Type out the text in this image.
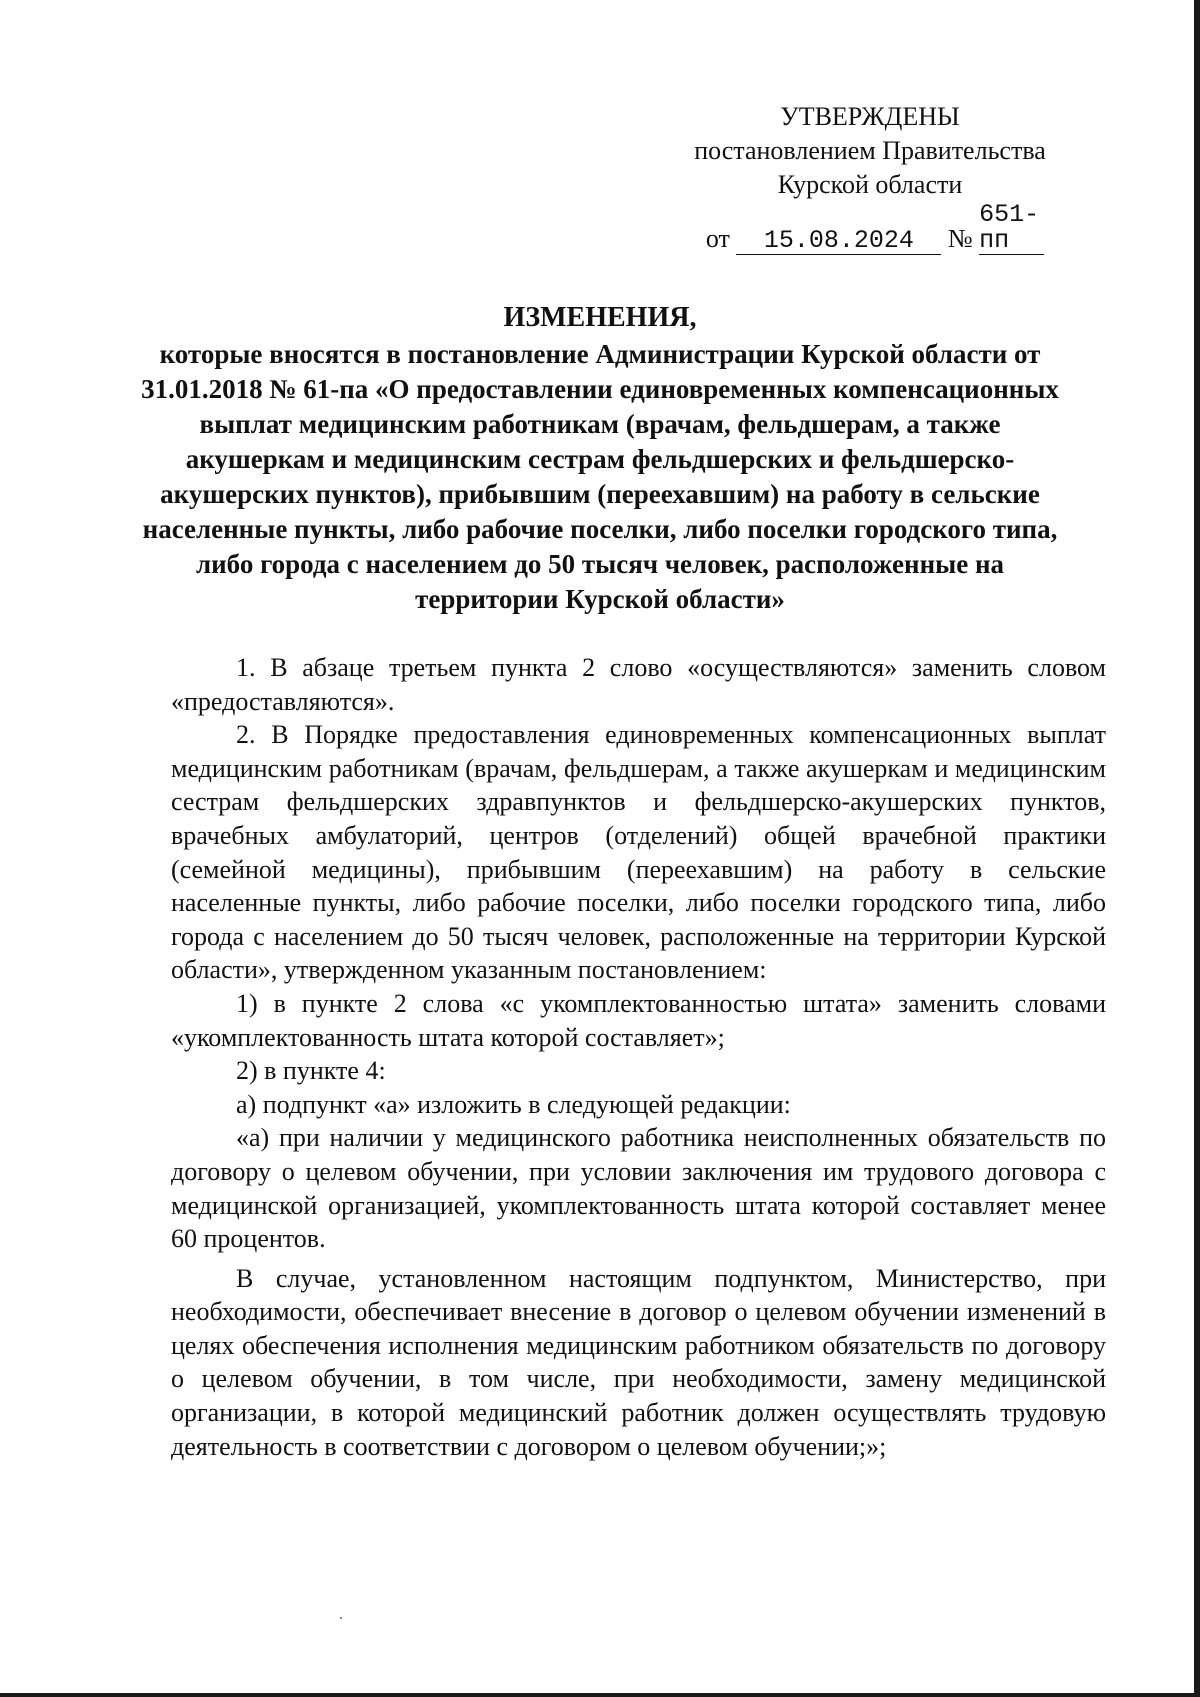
УТВЕРЖДЕНЫ
постановлением Правительства
Курской области
от 15.08.2024 № 651-пп
ИЗМЕНЕНИЯ,
которые вносятся в постановление Администрации Курской области от 31.01.2018 № 61-па «О предоставлении единовременных компенсационных выплат медицинским работникам (врачам, фельдшерам, а также акушеркам и медицинским сестрам фельдшерских и фельдшерско-акушерских пунктов), прибывшим (переехавшим) на работу в сельские населенные пункты, либо рабочие поселки, либо поселки городского типа, либо города с населением до 50 тысяч человек, расположенные на территории Курской области»

1. В абзаце третьем пункта 2 слово «осуществляются» заменить словом «предоставляются».

2. В Порядке предоставления единовременных компенсационных выплат медицинским работникам (врачам, фельдшерам, а также акушеркам и медицинским сестрам фельдшерских здравпунктов и фельдшерско-акушерских пунктов, врачебных амбулаторий, центров (отделений) общей врачебной практики (семейной медицины), прибывшим (переехавшим) на работу в сельские населенные пункты, либо рабочие поселки, либо поселки городского типа, либо города с населением до 50 тысяч человек, расположенные на территории Курской области», утвержденном указанным постановлением:

1) в пункте 2 слова «с укомплектованностью штата» заменить словами «укомплектованность штата которой составляет»;

2) в пункте 4:

а) подпункт «а» изложить в следующей редакции:

«а) при наличии у медицинского работника неисполненных обязательств по договору о целевом обучении, при условии заключения им трудового договора с медицинской организацией, укомплектованность штата которой составляет менее 60 процентов.

В случае, установленном настоящим подпунктом, Министерство, при необходимости, обеспечивает внесение в договор о целевом обучении изменений в целях обеспечения исполнения медицинским работником обязательств по договору о целевом обучении, в том числе, при необходимости, замену медицинской организации, в которой медицинский работник должен осуществлять трудовую деятельность в соответствии с договором о целевом обучении;»;
